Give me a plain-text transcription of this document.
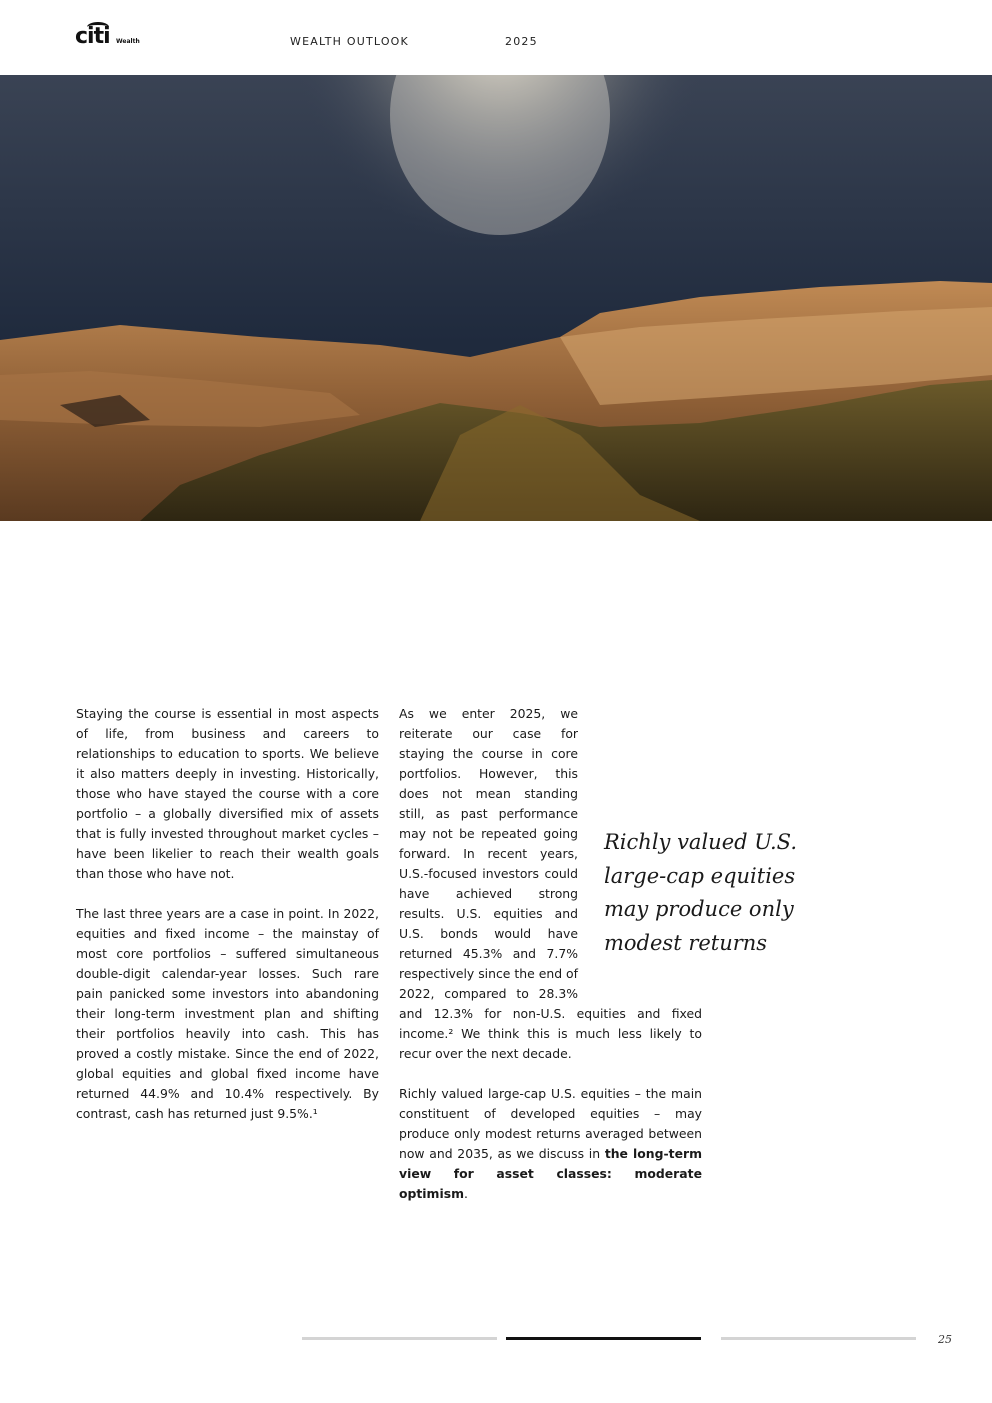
citi Wealth	WEALTH OUTLOOK	2025

Staying the course is essential in most aspects of life, from business and careers to relationships to education to sports. We believe it also matters deeply in investing. Historically, those who have stayed the course with a core portfolio – a globally diversified mix of assets that is fully invested throughout market cycles – have been likelier to reach their wealth goals than those who have not.

The last three years are a case in point. In 2022, equities and fixed income – the mainstay of most core portfolios – suffered simultaneous double-digit calendar-year losses. Such rare pain panicked some investors into abandoning their long-term investment plan and shifting their portfolios heavily into cash. This has proved a costly mistake. Since the end of 2022, global equities and global fixed income have returned 44.9% and 10.4% respectively. By contrast, cash has returned just 9.5%.¹

As we enter 2025, we reiterate our case for staying the course in core portfolios. However, this does not mean standing still, as past performance may not be repeated going forward. In recent years, U.S.-focused investors could have achieved strong results. U.S. equities and U.S. bonds would have returned 45.3% and 7.7% respectively since the end of 2022, compared to 28.3% and 12.3% for non-U.S. equities and fixed income.² We think this is much less likely to recur over the next decade.

Richly valued large-cap U.S. equities – the main constituent of developed equities – may produce only modest returns averaged between now and 2035, as we discuss in the long-term view for asset classes: moderate optimism.

Richly valued U.S. large-cap equities may produce only modest returns
25
